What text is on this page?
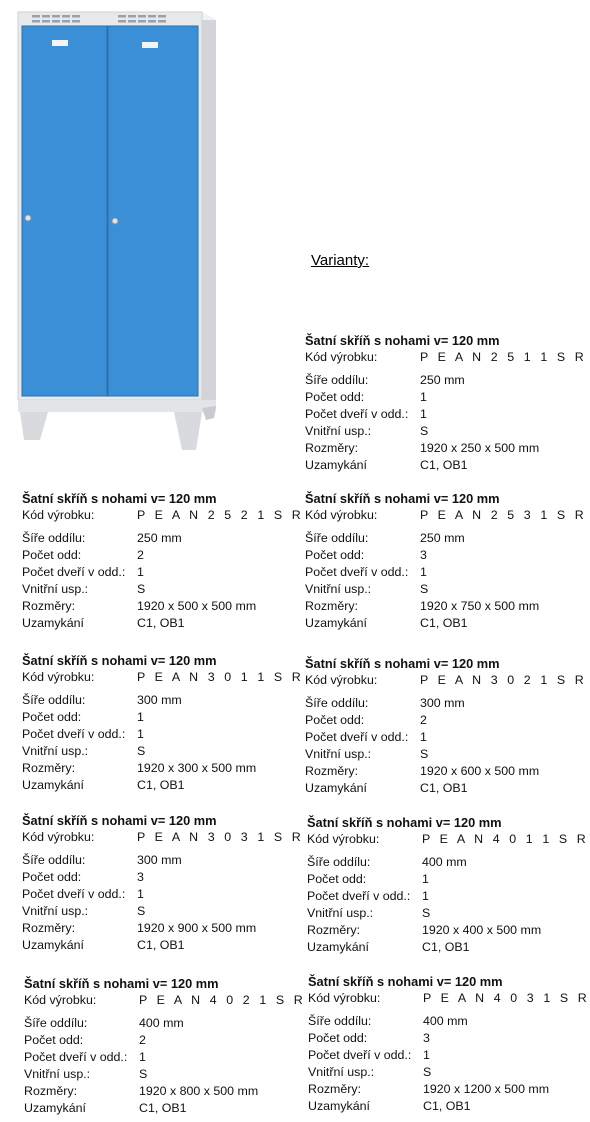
Varianty:
Šatní skříň s nohami v= 120 mm
Kód výrobku:	P E A N 2 5 1 1 S R
Šíře oddílu:	250 mm
Počet odd:	1
Počet dveří v odd.: 1
Vnitřní usp.:	S
Rozměry:	1920 x 250 x 500 mm
Uzamykání	C1, OB1
Šatní skříň s nohami v= 120 mm
Kód výrobku:	P E A N 2 5 2 1 S R
Šíře oddílu:	250 mm
Počet odd:	2
Počet dveří v odd.: 1
Vnitřní usp.:	S
Rozměry:	1920 x 500 x 500 mm
Uzamykání	C1, OB1
Šatní skříň s nohami v= 120 mm
Kód výrobku:	P E A N 2 5 3 1 S R
Šíře oddílu:	250 mm
Počet odd:	3
Počet dveří v odd.: 1
Vnitřní usp.:	S
Rozměry:	1920 x 750 x 500 mm
Uzamykání	C1, OB1
Šatní skříň s nohami v= 120 mm
Kód výrobku:	P E A N 3 0 1 1 S R
Šíře oddílu:	300 mm
Počet odd:	1
Počet dveří v odd.: 1
Vnitřní usp.:	S
Rozměry:	1920 x 300 x 500 mm
Uzamykání	C1, OB1
Šatní skříň s nohami v= 120 mm
Kód výrobku:	P E A N 3 0 2 1 S R
Šíře oddílu:	300 mm
Počet odd:	2
Počet dveří v odd.: 1
Vnitřní usp.:	S
Rozměry:	1920 x 600 x 500 mm
Uzamykání	C1, OB1
Šatní skříň s nohami v= 120 mm
Kód výrobku:	P E A N 3 0 3 1 S R
Šíře oddílu:	300 mm
Počet odd:	3
Počet dveří v odd.: 1
Vnitřní usp.:	S
Rozměry:	1920 x 900 x 500 mm
Uzamykání	C1, OB1
Šatní skříň s nohami v= 120 mm
Kód výrobku:	P E A N 4 0 1 1 S R
Šíře oddílu:	400 mm
Počet odd:	1
Počet dveří v odd.: 1
Vnitřní usp.:	S
Rozměry:	1920 x 400 x 500 mm
Uzamykání	C1, OB1
Šatní skříň s nohami v= 120 mm
Kód výrobku:	P E A N 4 0 2 1 S R
Šíře oddílu:	400 mm
Počet odd:	2
Počet dveří v odd.: 1
Vnitřní usp.:	S
Rozměry:	1920 x 800 x 500 mm
Uzamykání	C1, OB1
Šatní skříň s nohami v= 120 mm
Kód výrobku:	P E A N 4 0 3 1 S R
Šíře oddílu:	400 mm
Počet odd:	3
Počet dveří v odd.: 1
Vnitřní usp.:	S
Rozměry:	1920 x 1200 x 500 mm
Uzamykání	C1, OB1
